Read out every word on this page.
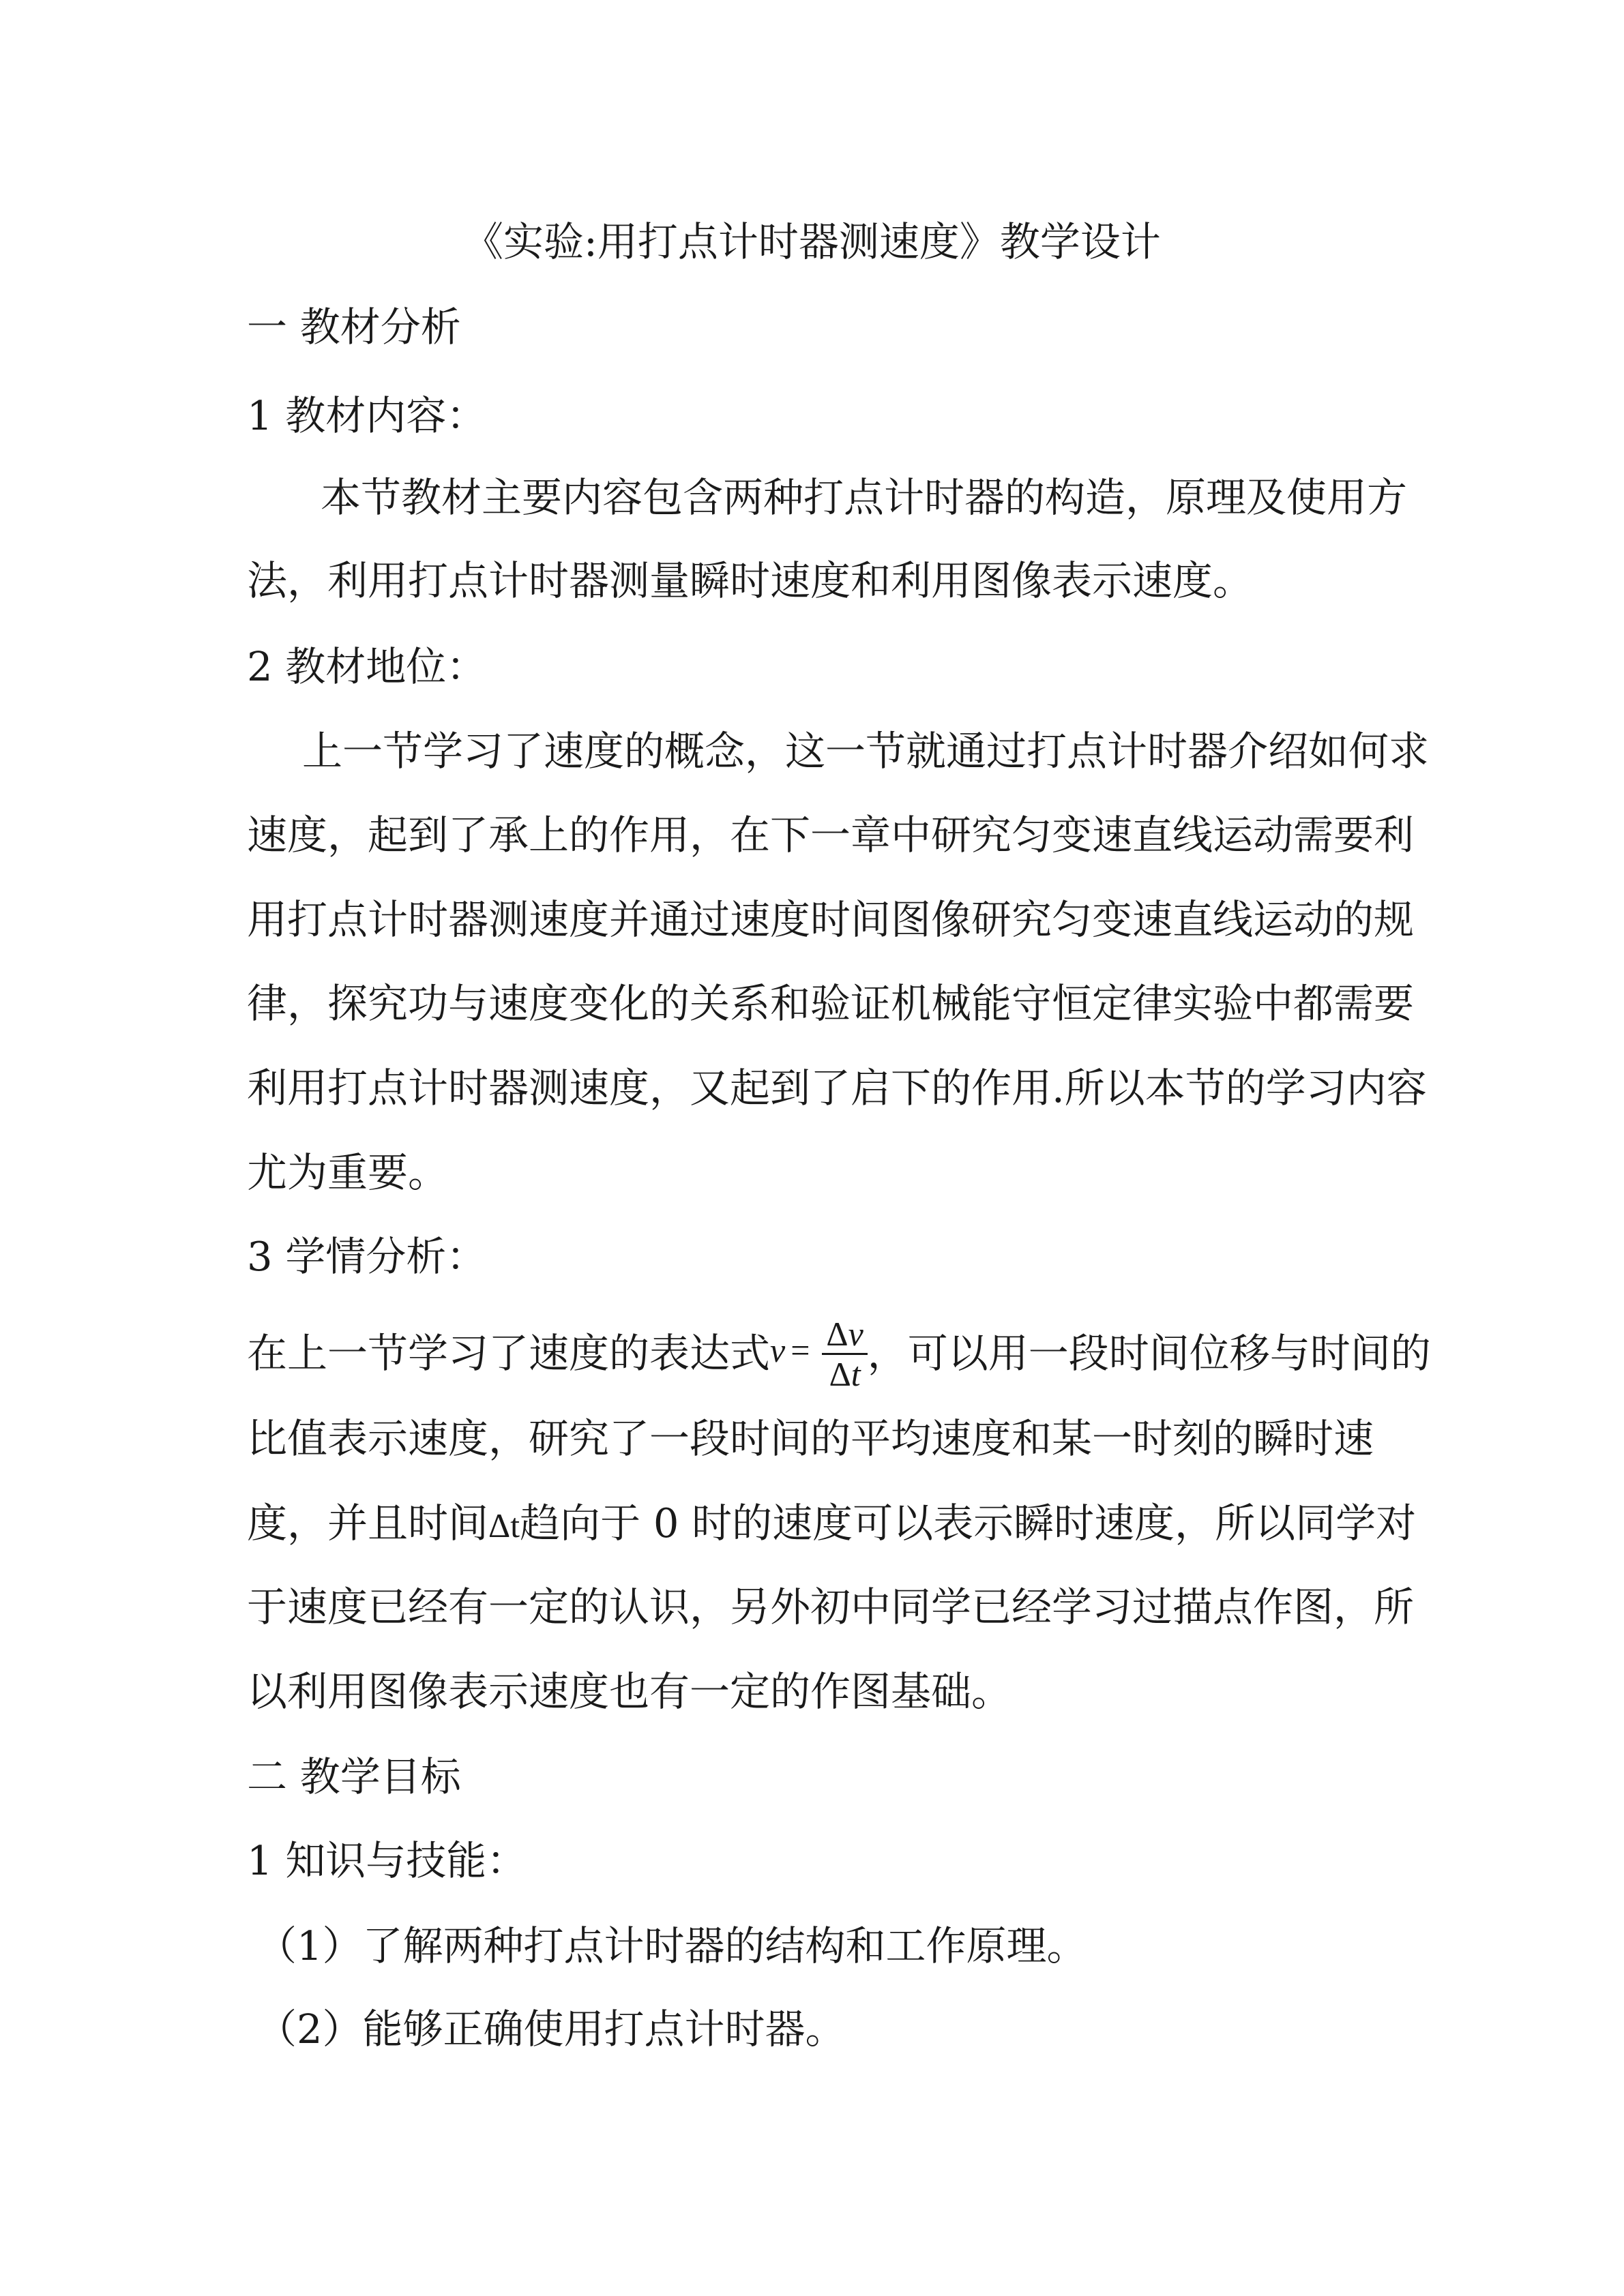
《实验:用打点计时器测速度》教学设计
一 教材分析
1 教材内容：
本节教材主要内容包含两种打点计时器的构造，原理及使用方
法，利用打点计时器测量瞬时速度和利用图像表示速度。
2 教材地位：
上一节学习了速度的概念，这一节就通过打点计时器介绍如何求
速度，起到了承上的作用，在下一章中研究匀变速直线运动需要利
用打点计时器测速度并通过速度时间图像研究匀变速直线运动的规
律，探究功与速度变化的关系和验证机械能守恒定律实验中都需要
利用打点计时器测速度，又起到了启下的作用.所以本节的学习内容
尤为重要。
3 学情分析：
在上一节学习了速度的表达式$v = \frac{\Delta v}{\Delta t}$ ，可以用一段时间位移与时间的
比值表示速度，研究了一段时间的平均速度和某一时刻的瞬时速
度，并且时间Δt趋向于 0 时的速度可以表示瞬时速度，所以同学对
于速度已经有一定的认识，另外初中同学已经学习过描点作图，所
以利用图像表示速度也有一定的作图基础。
二 教学目标
1 知识与技能：
（1）了解两种打点计时器的结构和工作原理。
（2）能够正确使用打点计时器。
